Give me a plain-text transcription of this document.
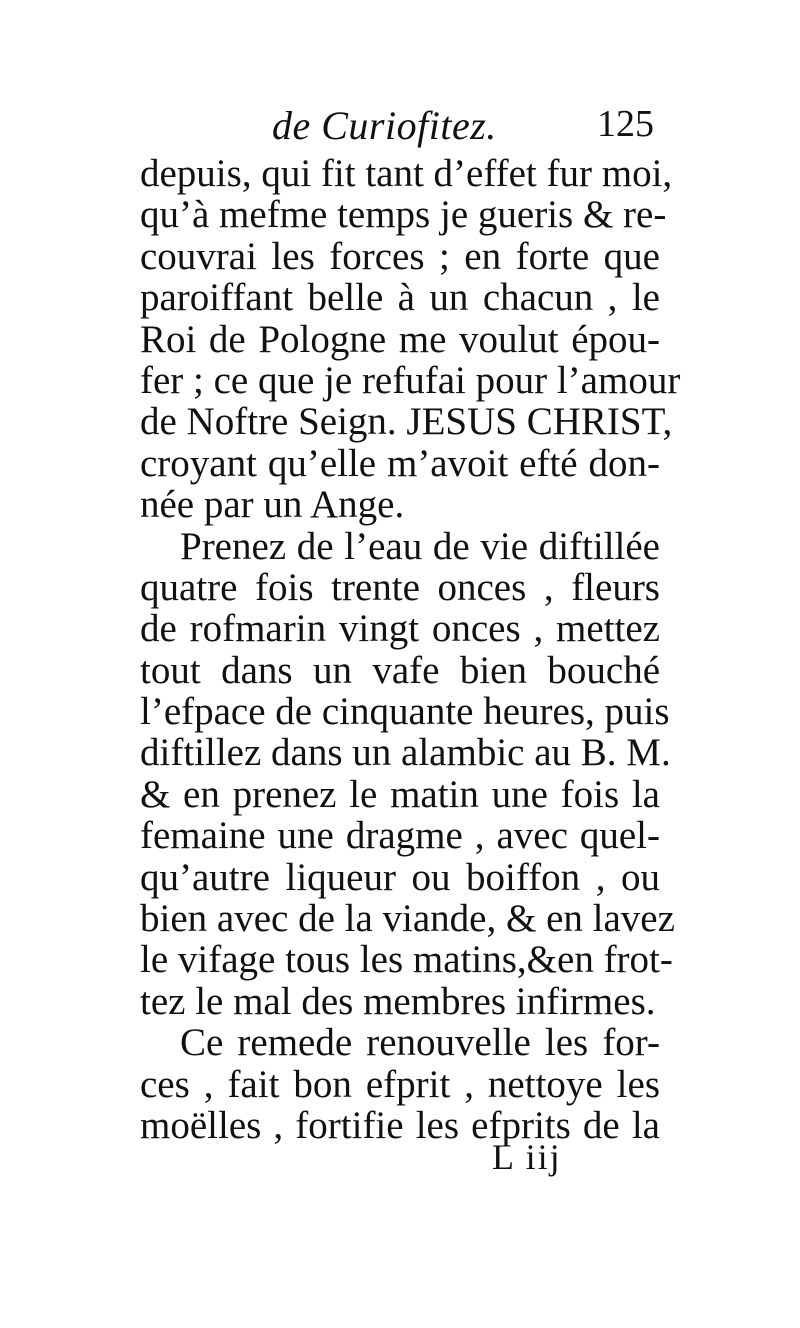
de Curiofitez.	125
depuis, qui fit tant d’effet fur moi,
qu’à mefme temps je gueris & re-
couvrai les forces ; en forte que
paroiffant belle à un chacun , le
Roi de Pologne me voulut épou-
fer ; ce que je refufai pour l’amour
de Noftre Seign. JESUS CHRIST,
croyant qu’elle m’avoit efté don-
née par un Ange.
Prenez de l’eau de vie diftillée
quatre fois trente onces , fleurs
de rofmarin vingt onces , mettez
tout dans un vafe bien bouché
l’efpace de cinquante heures, puis
diftillez dans un alambic au B. M.
& en prenez le matin une fois la
femaine une dragme , avec quel-
qu’autre liqueur ou boiffon , ou
bien avec de la viande, & en lavez
le vifage tous les matins,&en frot-
tez le mal des membres infirmes.
Ce remede renouvelle les for-
ces , fait bon efprit , nettoye les
moëlles , fortifie les efprits de la
L iij
